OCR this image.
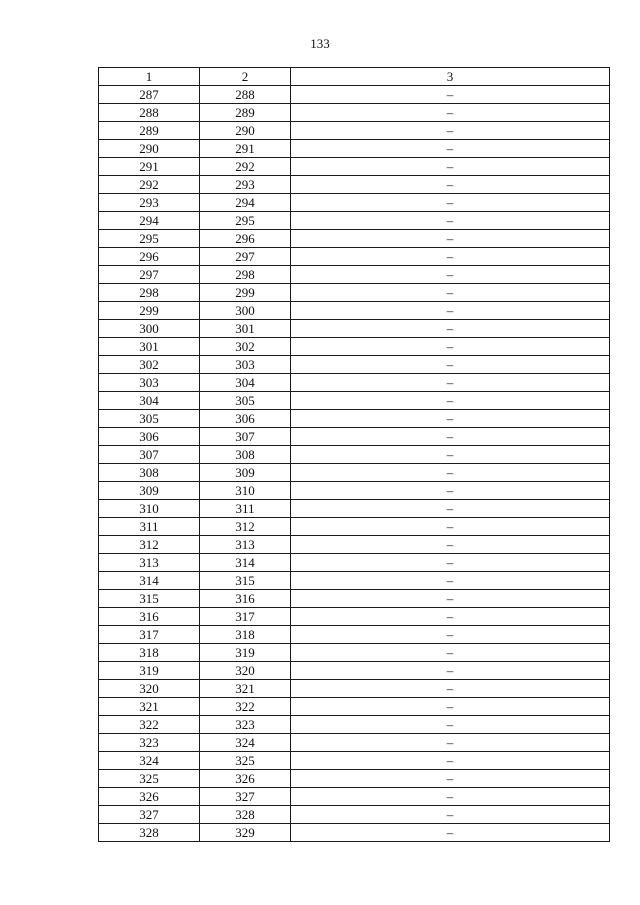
133
1	2	3
287	288	–
288	289	–
289	290	–
290	291	–
291	292	–
292	293	–
293	294	–
294	295	–
295	296	–
296	297	–
297	298	–
298	299	–
299	300	–
300	301	–
301	302	–
302	303	–
303	304	–
304	305	–
305	306	–
306	307	–
307	308	–
308	309	–
309	310	–
310	311	–
311	312	–
312	313	–
313	314	–
314	315	–
315	316	–
316	317	–
317	318	–
318	319	–
319	320	–
320	321	–
321	322	–
322	323	–
323	324	–
324	325	–
325	326	–
326	327	–
327	328	–
328	329	–
